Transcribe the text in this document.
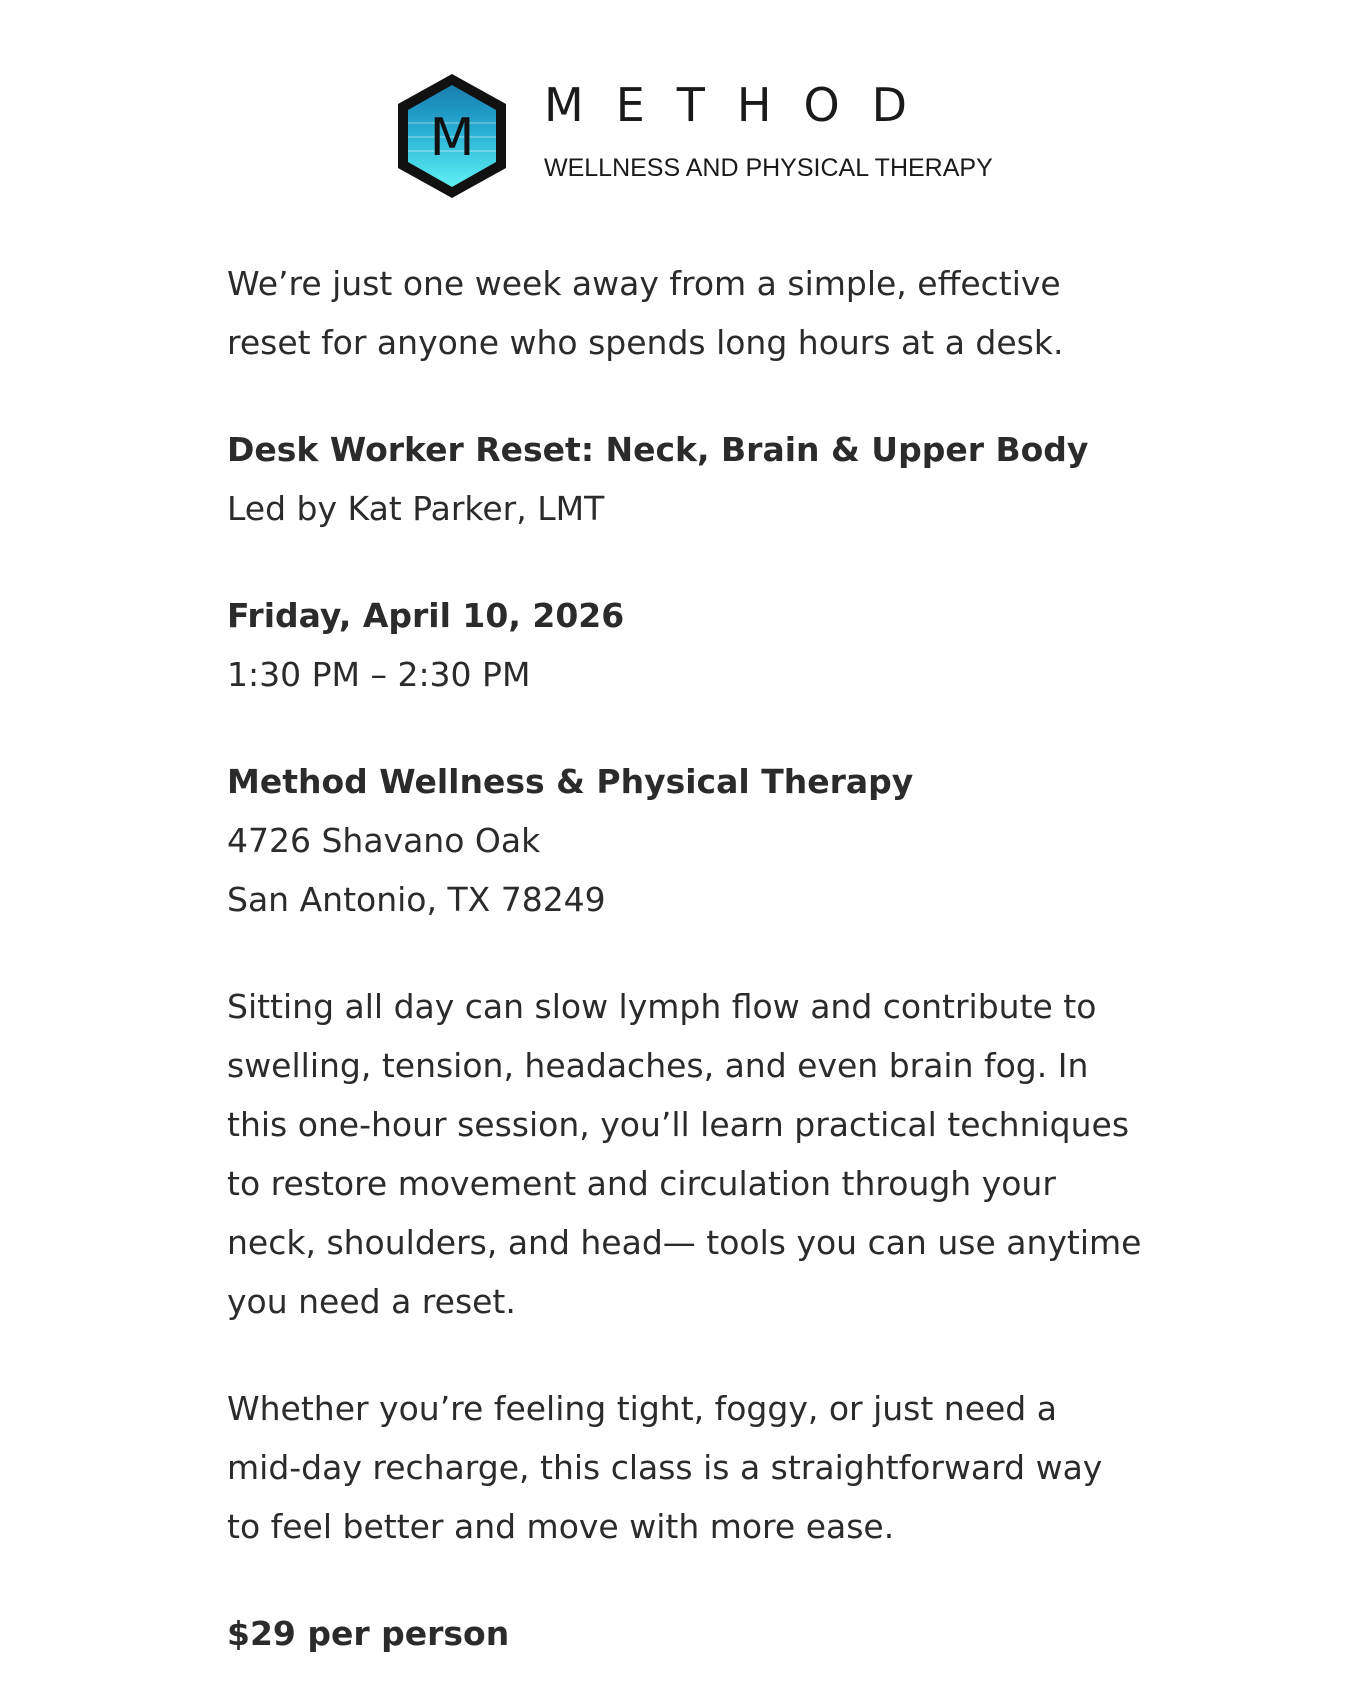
M
METHOD
WELLNESS AND PHYSICAL THERAPY

We’re just one week away from a simple, effective
reset for anyone who spends long hours at a desk.

Desk Worker Reset: Neck, Brain & Upper Body
Led by Kat Parker, LMT
Friday, April 10, 2026
1:30 PM – 2:30 PM
Method Wellness & Physical Therapy
4726 Shavano Oak
San Antonio, TX 78249

Sitting all day can slow lymph flow and contribute to
swelling, tension, headaches, and even brain fog. In
this one-hour session, you’ll learn practical techniques
to restore movement and circulation through your
neck, shoulders, and head— tools you can use anytime
you need a reset.

Whether you’re feeling tight, foggy, or just need a
mid-day recharge, this class is a straightforward way
to feel better and move with more ease.

$29 per person
